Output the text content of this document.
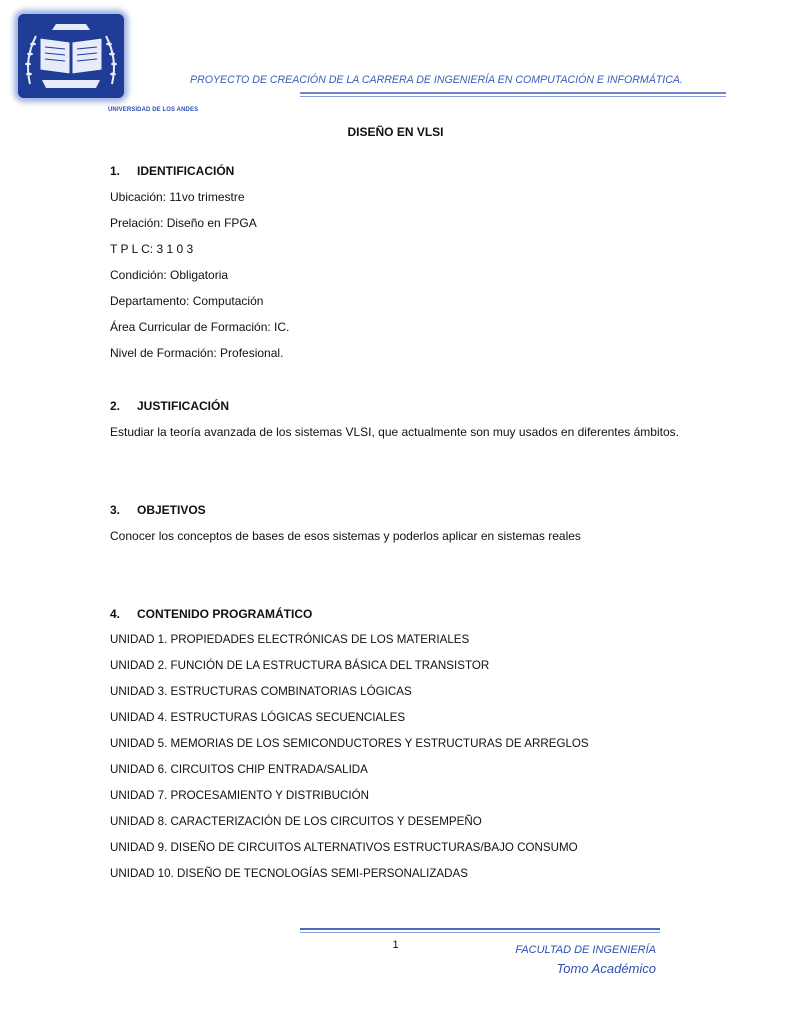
UNIVERSIDAD DE LOS ANDES
PROYECTO DE CREACIÓN DE LA CARRERA DE INGENIERÍA EN COMPUTACIÓN E INFORMÁTICA.
DISEÑO EN VLSI
1. IDENTIFICACIÓN
Ubicación: 11vo trimestre
Prelación: Diseño en FPGA
T P L C: 3 1 0 3
Condición: Obligatoria
Departamento: Computación
Área Curricular de Formación: IC.
Nivel de Formación: Profesional.
2. JUSTIFICACIÓN
Estudiar la teoría avanzada de los sistemas VLSI, que actualmente son muy usados en diferentes ámbitos.
3. OBJETIVOS
Conocer los conceptos de bases de esos sistemas y poderlos aplicar en sistemas reales
4. CONTENIDO PROGRAMÁTICO
UNIDAD 1. PROPIEDADES ELECTRÓNICAS DE LOS MATERIALES
UNIDAD 2. FUNCIÓN DE LA ESTRUCTURA BÁSICA DEL TRANSISTOR
UNIDAD 3. ESTRUCTURAS COMBINATORIAS LÓGICAS
UNIDAD 4. ESTRUCTURAS LÓGICAS SECUENCIALES
UNIDAD 5. MEMORIAS DE LOS SEMICONDUCTORES Y ESTRUCTURAS DE ARREGLOS
UNIDAD 6. CIRCUITOS CHIP ENTRADA/SALIDA
UNIDAD 7. PROCESAMIENTO Y DISTRIBUCIÓN
UNIDAD 8. CARACTERIZACIÓN DE LOS CIRCUITOS Y DESEMPEÑO
UNIDAD 9. DISEÑO DE CIRCUITOS ALTERNATIVOS ESTRUCTURAS/BAJO CONSUMO
UNIDAD 10. DISEÑO DE TECNOLOGÍAS SEMI-PERSONALIZADAS
1	FACULTAD DE INGENIERÍA
Tomo Académico
